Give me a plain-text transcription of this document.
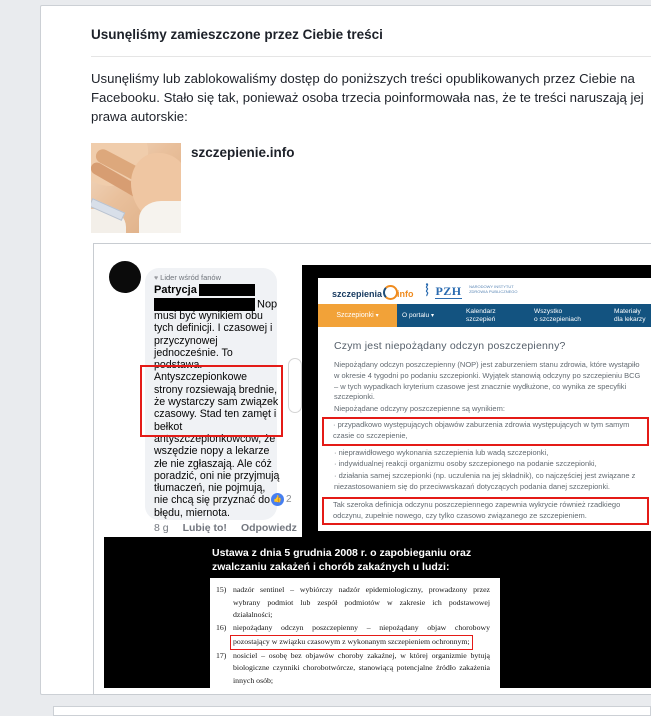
Usunęliśmy zamieszczone przez Ciebie treści
Usunęliśmy lub zablokowaliśmy dostęp do poniższych treści opublikowanych przez Ciebie na Facebooku. Stało się tak, ponieważ osoba trzecia poinformowała nas, że te treści naruszają jej prawa autorskie:
szczepienie.info
♥ Lider wśród fanów
Patrycja
Nop
musi być wynikiem obu
tych definicji. I czasowej i
przyczynowej
jednocześnie. To
podstawa.
Antyszczepionkowe
strony rozsiewają brednie,
że wystarczy sam związek
czasowy. Stad ten zamęt i
bełkot
antyszczepionkowcow, że
wszędzie nopy a lekarze
złe nie zgłaszają. Ale cóż
poradzić, oni nie przyjmują
tłumaczeń, nie pojmują,
nie chcą się przyznać do
błędu, miernota.
👍 2
8 g Lubię to! Odpowiedz
szczepienia info	PZH NARODOWY INSTYTUT
ZDROWIA PUBLICZNEGO
Szczepionki ▾	O portalu ▾
Kalendarz
szczepień
Wszystko
o szczepieniach
Materiały
dla lekarzy
Czym jest niepożądany odczyn poszczepienny?

Niepożądany odczyn poszczepienny (NOP) jest zaburzeniem stanu zdrowia, które wystąpiło w okresie 4 tygodni po podaniu szczepionki. Wyjątek stanowią odczyny po szczepieniu BCG – w tych wypadkach kryterium czasowe jest znacznie wydłużone, co wynika ze specyfiki szczepionki.

Niepożądane odczyny poszczepienne są wynikiem:

· przypadkowo występujących objawów zaburzenia zdrowia występujących w tym samym czasie co szczepienie,

· nieprawidłowego wykonania szczepienia lub wadą szczepionki,

· indywidualnej reakcji organizmu osoby szczepionego na podanie szczepionki,

· działania samej szczepionki (np. uczulenia na jej składnik), co najczęściej jest związane z niezastosowaniem się do przeciwwskazań dotyczących podania danej szczepionki.

Tak szeroka definicja odczynu poszczepiennego zapewnia wykrycie również rzadkiego odczynu, zupełnie nowego, czy tylko czasowo związanego ze szczepieniem.
Ustawa z dnia 5 grudnia 2008 r. o zapobieganiu oraz
zwalczaniu zakażeń i chorób zakaźnych u ludzi:
15) nadzór sentinel – wybiórczy nadzór epidemiologiczny, prowadzony przez wybrany podmiot lub zespół podmiotów w zakresie ich podstawowej działalności;
16) niepożądany odczyn poszczepienny – niepożądany objaw chorobowy
pozostający w związku czasowym z wykonanym szczepieniem ochronnym;
17) nosiciel – osobę bez objawów choroby zakaźnej, w której organizmie bytują biologiczne czynniki chorobotwórcze, stanowiącą potencjalne źródło zakażenia innych osób;
